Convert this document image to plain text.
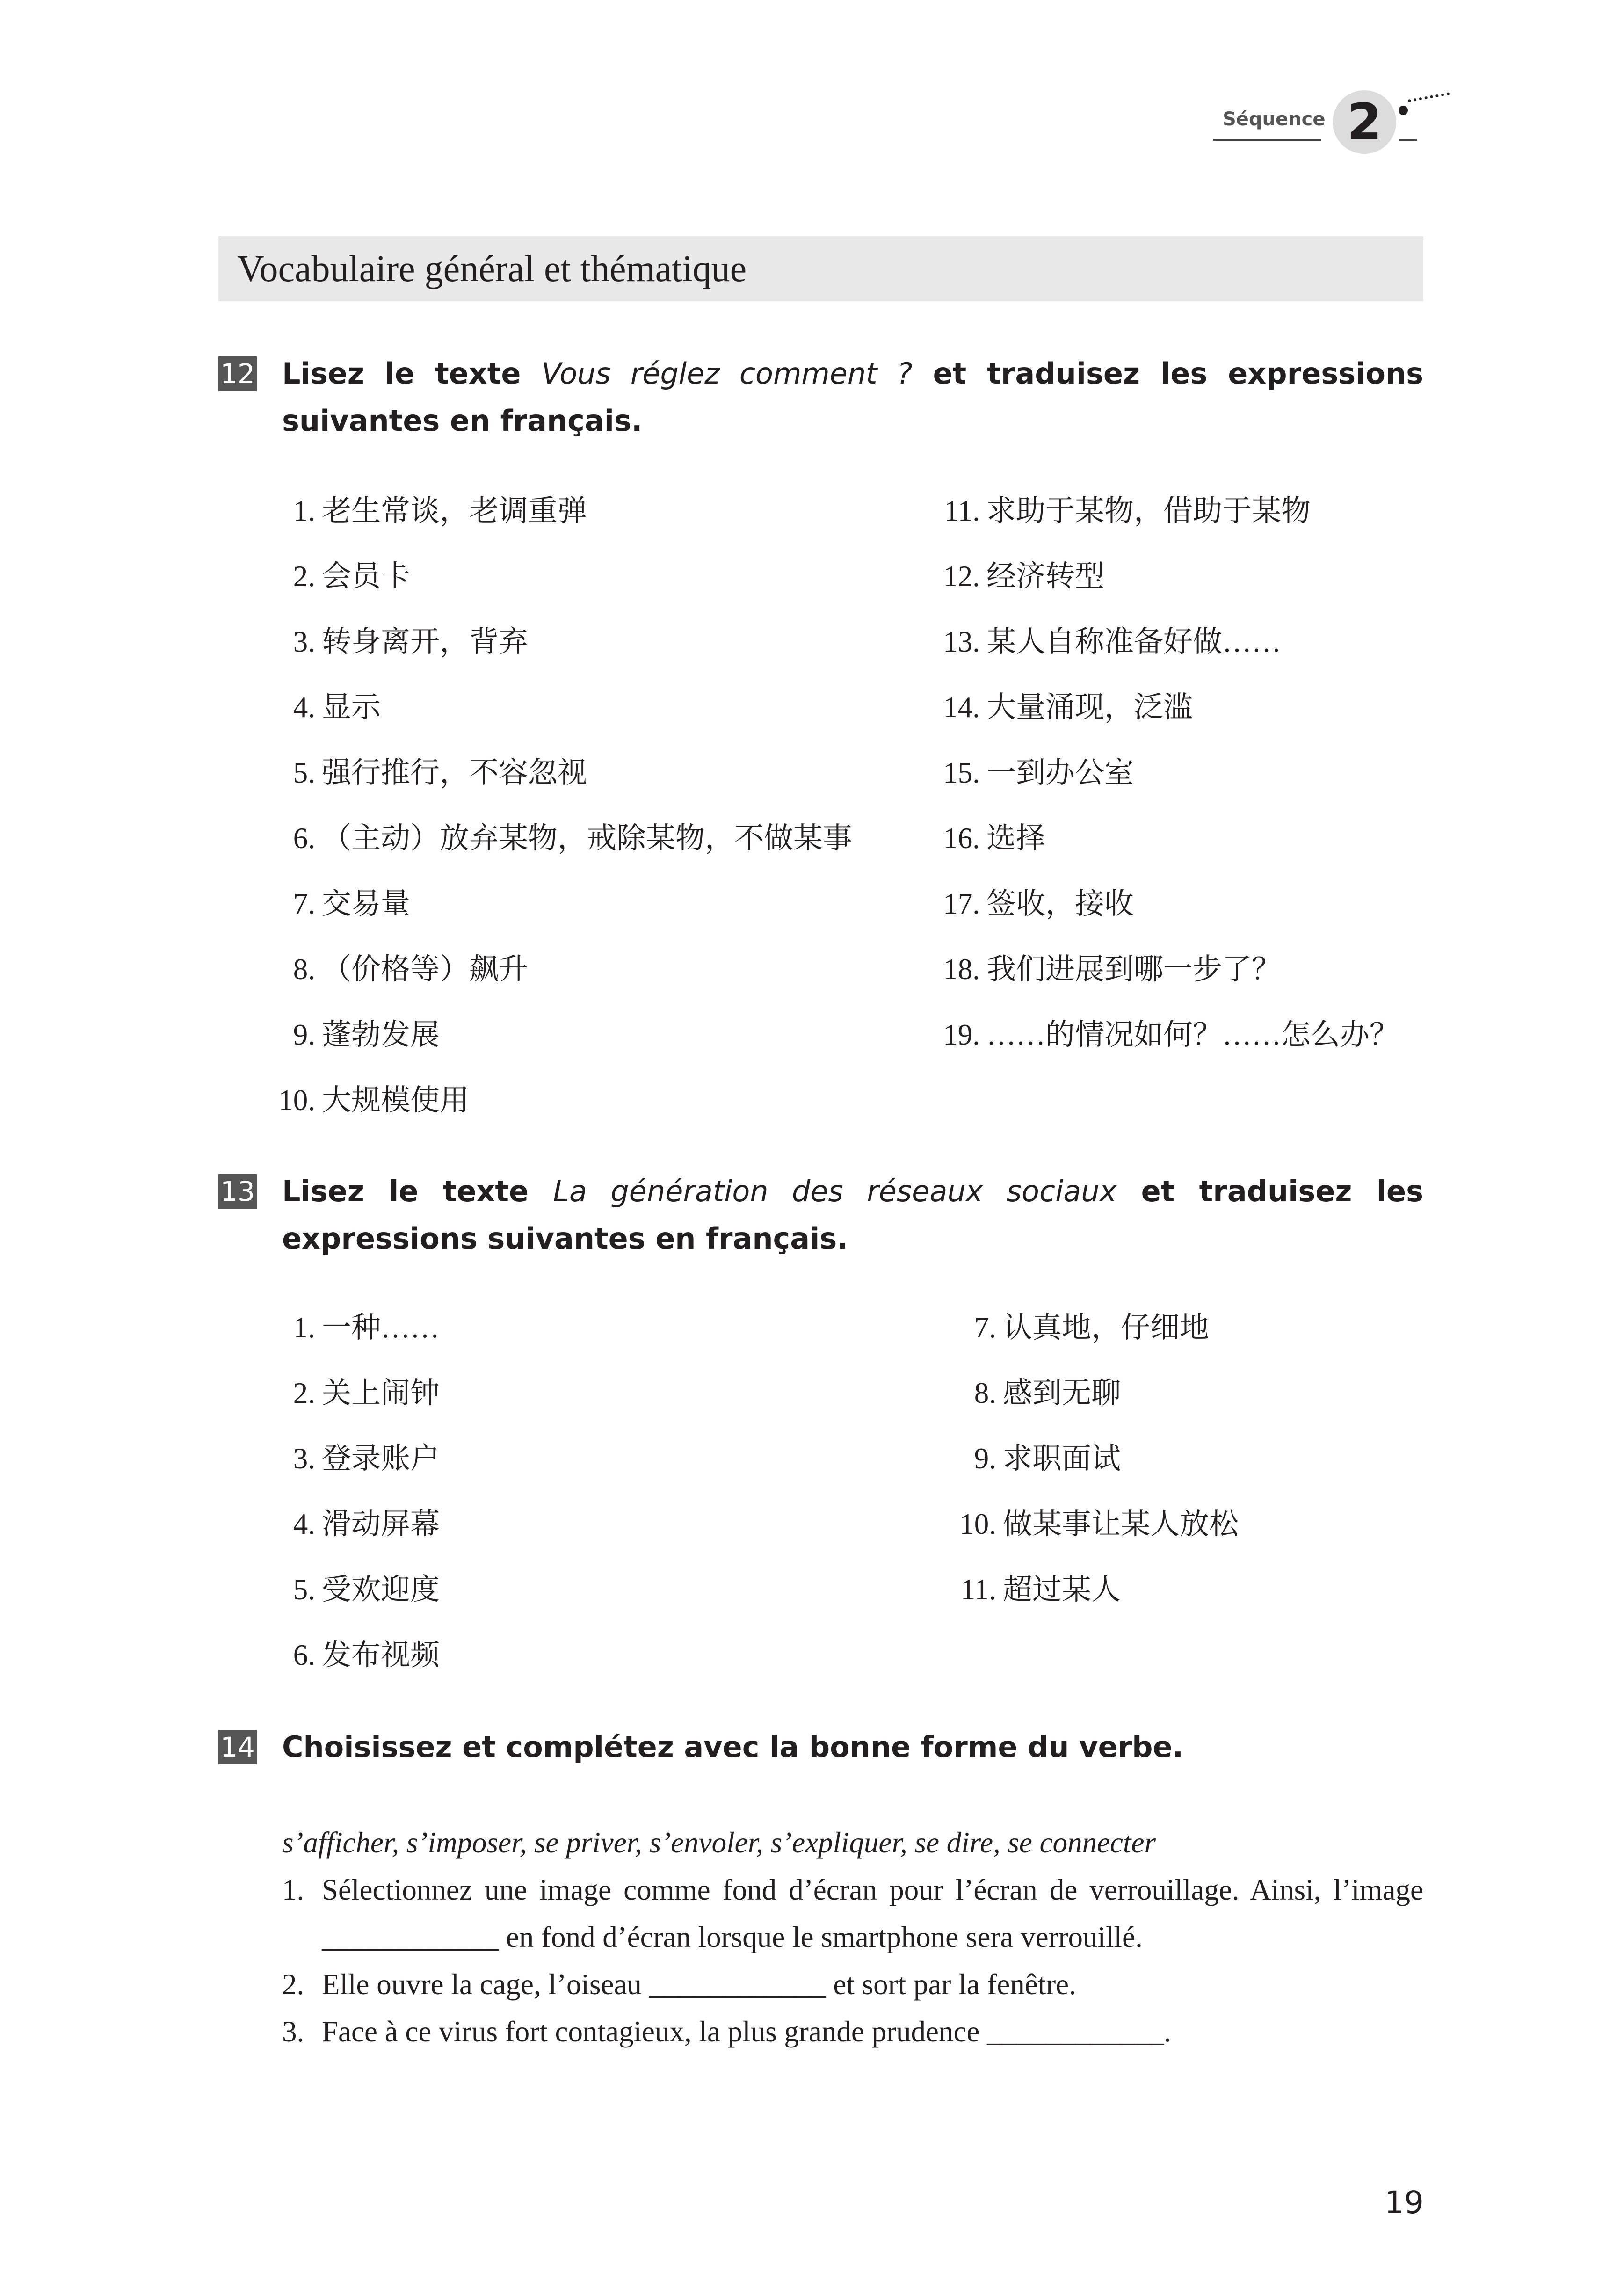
Séquence 2
Vocabulaire général et thématique
12 Lisez le texte Vous réglez comment ? et traduisez les expressions suivantes en français.
1. 老生常谈，老调重弹
2. 会员卡
3. 转身离开，背弃
4. 显示
5. 强行推行，不容忽视
6. （主动）放弃某物，戒除某物，不做某事
7. 交易量
8. （价格等）飙升
9. 蓬勃发展
10. 大规模使用
11. 求助于某物，借助于某物
12. 经济转型
13. 某人自称准备好做……
14. 大量涌现，泛滥
15. 一到办公室
16. 选择
17. 签收，接收
18. 我们进展到哪一步了？
19. ……的情况如何？……怎么办？
13 Lisez le texte La génération des réseaux sociaux et traduisez les expressions suivantes en français.
1. 一种……
2. 关上闹钟
3. 登录账户
4. 滑动屏幕
5. 受欢迎度
6. 发布视频
7. 认真地，仔细地
8. 感到无聊
9. 求职面试
10. 做某事让某人放松
11. 超过某人
14 Choisissez et complétez avec la bonne forme du verbe.
s’afficher, s’imposer, se priver, s’envoler, s’expliquer, se dire, se connecter
1. Sélectionnez une image comme fond d’écran pour l’écran de verrouillage. Ainsi, l’image ____________ en fond d’écran lorsque le smartphone sera verrouillé.
2. Elle ouvre la cage, l’oiseau ____________ et sort par la fenêtre.
3. Face à ce virus fort contagieux, la plus grande prudence ____________.
19
